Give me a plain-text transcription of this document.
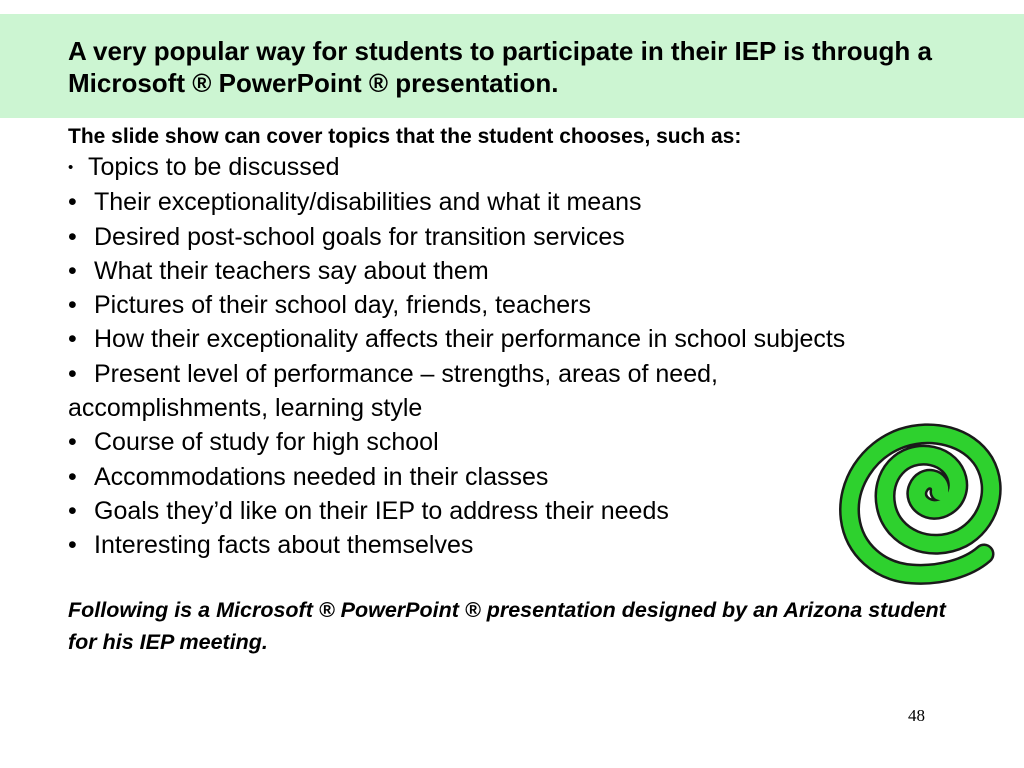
A very popular way for students to participate in their IEP is through a Microsoft ® PowerPoint ® presentation.

The slide show can cover topics that the student chooses, such as:

• Topics to be discussed
• Their exceptionality/disabilities and what it means
• Desired post-school goals for transition services
• What their teachers say about them
• Pictures of their school day, friends, teachers
• How their exceptionality affects their performance in school subjects
• Present level of performance – strengths, areas of need,
accomplishments, learning style
• Course of study for high school
• Accommodations needed in their classes
• Goals they’d like on their IEP to address their needs
• Interesting facts about themselves

Following is a Microsoft ® PowerPoint ® presentation designed by an Arizona student for his IEP meeting.

48
